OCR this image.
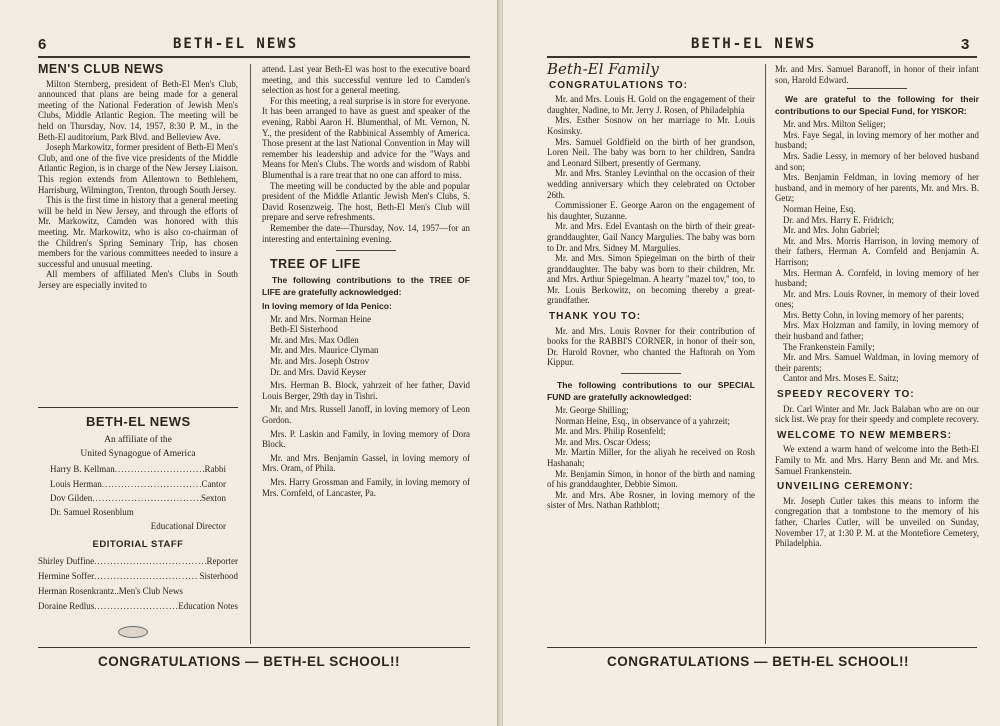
6	BETH-EL NEWS
MEN'S CLUB NEWS

Milton Sternberg, president of Beth-El Men's Club, announced that plans are being made for a general meeting of the National Federation of Jewish Men's Clubs, Middle Atlantic Region. The meeting will be held on Thursday, Nov. 14, 1957, 8:30 P. M., in the Beth-El auditorium, Park Blvd. and Belleview Ave.

Joseph Markowitz, former president of Beth-El Men's Club, and one of the five vice presidents of the Middle Atlantic Region, is in charge of the New Jersey Liaison. This region extends from Allentown to Bethlehem, Harrisburg, Wilmington, Trenton, through South Jersey.

This is the first time in history that a general meeting will be held in New Jersey, and through the efforts of Mr. Markowitz, Camden was honored with this meeting. Mr. Markowitz, who is also co-chairman of the Children's Spring Seminary Trip, has chosen members for the various committees needed to insure a successful and unusual meeting.

All members of affiliated Men's Clubs in South Jersey are especially invited to

BETH-EL NEWS
An affiliate of the
United Synagogue of America
Harry B. Kellman .....	Rabbi
Louis Herman .....	Cantor
Dov Gilden .....	Sexton
Dr. Samuel Rosenblum
Educational Director
EDITORIAL STAFF
Shirley Duffine .....	Reporter
Hermine Soffer .....	Sisterhood
Herman Rosenkrantz.. Men's Club News
Doraine Redlus .....	Education Notes

attend. Last year Beth-El was host to the executive board meeting, and this successful venture led to Camden's selection as host for a general meeting.

For this meeting, a real surprise is in store for everyone. It has been arranged to have as guest and speaker of the evening, Rabbi Aaron H. Blumenthal, of Mt. Vernon, N. Y., the president of the Rabbinical Assembly of America. Those present at the last National Convention in May will remember his leadership and advice for the "Ways and Means for Men's Clubs. The words and wisdom of Rabbi Blumenthal is a rare treat that no one can afford to miss.

The meeting will be conducted by the able and popular president of the Middle Atlantic Jewish Men's Clubs, S. David Rosenzweig. The host, Beth-El Men's Club will prepare and serve refreshments.

Remember the date—Thursday, Nov. 14, 1957—for an interesting and entertaining evening.

TREE OF LIFE
The following contributions to the TREE OF LIFE are gratefully acknowledged:
In loving memory of Ida Penico:
Mr. and Mrs. Norman Heine
Beth-El Sisterhood
Mr. and Mrs. Max Odlen
Mr. and Mrs. Maurice Clyman
Mr. and Mrs. Joseph Ostrov
Dr. and Mrs. David Keyser

Mrs. Herman B. Block, yahrzeit of her father, David Louis Berger, 29th day in Tishri.

Mr. and Mrs. Russell Janoff, in loving memory of Leon Gordon.

Mrs. P. Laskin and Family, in loving memory of Dora Block.

Mr. and Mrs. Benjamin Gassel, in loving memory of Mrs. Oram, of Phila.

Mrs. Harry Grossman and Family, in loving memory of Mrs. Cornfeld, of Lancaster, Pa.

CONGRATULATIONS — BETH-EL SCHOOL!!
BETH-EL NEWS	3
Beth-El Family
CONGRATULATIONS TO:

Mr. and Mrs. Louis H. Gold on the engagement of their daughter, Nadine, to Mr. Jerry J. Rosen, of Philadelphia

Mrs. Esther Sosnow on her marriage to Mr. Louis Kosinsky.

Mrs. Samuel Goldfield on the birth of her grandson, Loren Neil. The baby was born to her children, Sandra and Leonard Silbert, presently of Germany.

Mr. and Mrs. Stanley Levinthal on the occasion of their wedding anniversary which they celebrated on October 26th.

Commissioner E. George Aaron on the engagement of his daughter, Suzanne.

Mr. and Mrs. Edel Evantash on the birth of their great-granddaughter, Gail Nancy Margulies. The baby was born to Dr. and Mrs. Sidney M. Margulies.

Mr. and Mrs. Simon Spiegelman on the birth of their granddaughter. The baby was born to their children, Mr. and Mrs. Arthur Spiegelman. A hearty "mazel tov," too, to Mr. Louis Berkowitz, on becoming thereby a great-grandfather.

THANK YOU TO:

Mr. and Mrs. Louis Rovner for their contribution of books for the RABBI'S CORNER, in honor of their son, Dr. Harold Rovner, who chanted the Haftorah on Yom Kippur.

The following contributions to our SPECIAL FUND are gratefully acknowledged:

Mr. George Shilling;

Norman Heine, Esq., in observance of a yahrzeit;

Mr. and Mrs. Philip Rosenfeld;

Mr. and Mrs. Oscar Odess;

Mr. Martin Miller, for the aliyah he received on Rosh Hashanah;

Mr. Benjamin Simon, in honor of the birth and naming of his granddaughter, Debbie Simon.

Mr. and Mrs. Abe Rosner, in loving memory of the sister of Mrs. Nathan Rathblott;

Mr. and Mrs. Samuel Baranoff, in honor of their infant son, Harold Edward.

We are grateful to the following for their contributions to our Special Fund, for YISKOR:

Mr. and Mrs. Milton Seliger;

Mrs. Faye Segal, in loving memory of her mother and husband;

Mrs. Sadie Lessy, in memory of her beloved husband and son;

Mrs. Benjamin Feldman, in loving memory of her husband, and in memory of her parents, Mr. and Mrs. B. Getz;

Norman Heine, Esq.

Dr. and Mrs. Harry E. Fridrich;

Mr. and Mrs. John Gabriel;

Mr. and Mrs. Morris Harrison, in loving memory of their fathers, Herman A. Cornfeld and Benjamin A. Harrison;

Mrs. Herman A. Cornfeld, in loving memory of her husband;

Mr. and Mrs. Louis Rovner, in memory of their loved ones;

Mrs. Betty Cohn, in loving memory of her parents;

Mrs. Max Holzman and family, in loving memory of their husband and father;

The Frankenstein Family;

Mr. and Mrs. Samuel Waldman, in loving memory of their parents;

Cantor and Mrs. Moses E. Saitz;

SPEEDY RECOVERY TO:

Dr. Carl Winter and Mr. Jack Balaban who are on our sick list. We pray for their speedy and complete recovery.

WELCOME TO NEW MEMBERS:

We extend a warm hand of welcome into the Beth-El Family to Mr. and Mrs. Harry Benn and Mr. and Mrs. Samuel Frankenstein.

UNVEILING CEREMONY:

Mr. Joseph Cutler takes this means to inform the congregation that a tombstone to the memory of his father, Charles Cutler, will be unveiled on Sunday, November 17, at 1:30 P. M. at the Montefiore Cemetery, Philadelphia.

CONGRATULATIONS — BETH-EL SCHOOL!!
